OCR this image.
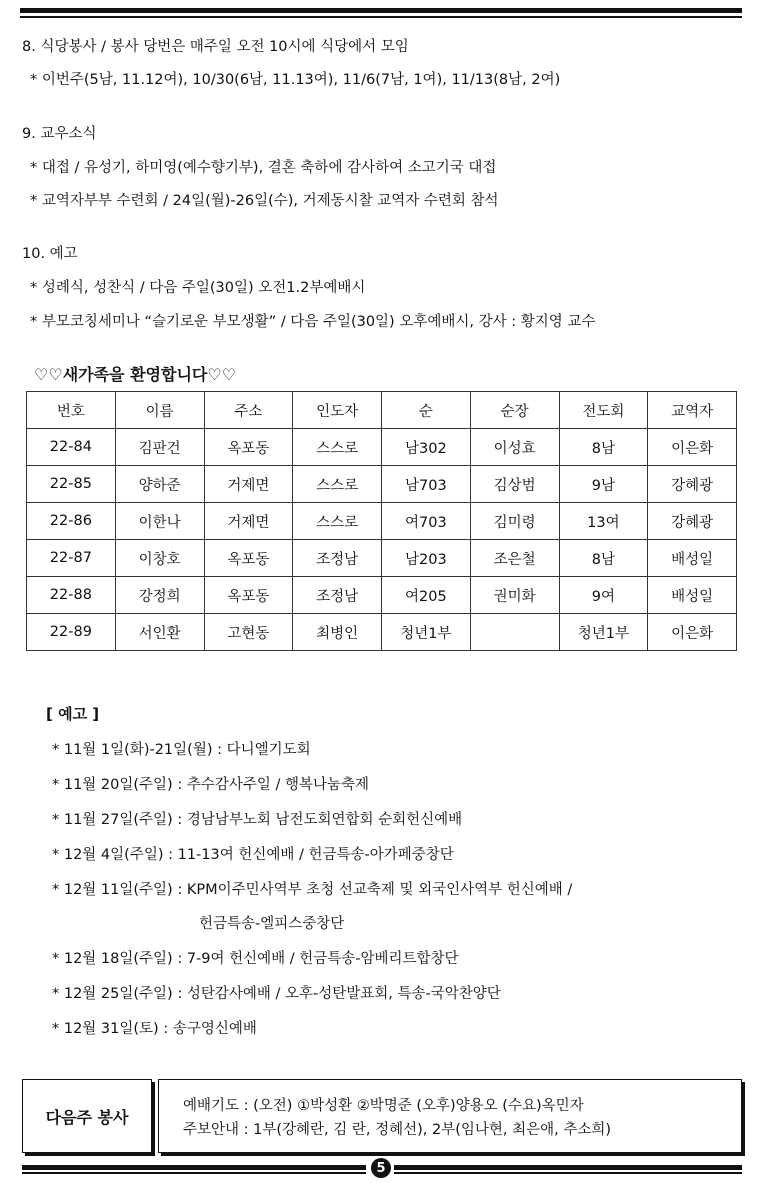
8. 식당봉사 / 봉사 당번은 매주일 오전 10시에 식당에서 모임
* 이번주(5남, 11.12여), 10/30(6남, 11.13여), 11/6(7남, 1여), 11/13(8남, 2여)
9. 교우소식
* 대접 / 유성기, 하미영(예수향기부), 결혼 축하에 감사하여 소고기국 대접
* 교역자부부 수련회 / 24일(월)-26일(수), 거제동시찰 교역자 수련회 참석
10. 예고
* 성례식, 성찬식 / 다음 주일(30일) 오전1.2부예배시
* 부모코칭세미나 “슬기로운 부모생활” / 다음 주일(30일) 오후예배시, 강사 : 황지영 교수
♡♡새가족을 환영합니다♡♡
번호	이름	주소	인도자	순	순장	전도회	교역자
22-84	김판건	옥포동	스스로	남302	이성효	8남	이은화
22-85	양하준	거제면	스스로	남703	김상범	9남	강혜광
22-86	이한나	거제면	스스로	여703	김미령	13여	강혜광
22-87	이창호	옥포동	조정남	남203	조은철	8남	배성일
22-88	강정희	옥포동	조정남	여205	권미화	9여	배성일
22-89	서인환	고현동	최병인	청년1부		청년1부	이은화
[ 예고 ]
* 11월 1일(화)-21일(월) : 다니엘기도회
* 11월 20일(주일) : 추수감사주일 / 행복나눔축제
* 11월 27일(주일) : 경남남부노회 남전도회연합회 순회헌신예배
* 12월 4일(주일) : 11-13여 헌신예배 / 헌금특송-아가페중창단
* 12월 11일(주일) : KPM이주민사역부 초청 선교축제 및 외국인사역부 헌신예배 /
헌금특송-엘피스중창단
* 12월 18일(주일) : 7-9여 헌신예배 / 헌금특송-암베리트합창단
* 12월 25일(주일) : 성탄감사예배 / 오후-성탄발표회, 특송-국악찬양단
* 12월 31일(토) : 송구영신예배
다음주 봉사
예배기도 : (오전) ①박성환 ②박명준 (오후)양용오 (수요)옥민자
주보안내 : 1부(강혜란, 김 란, 정혜선), 2부(임나현, 최은애, 추소희)
5
